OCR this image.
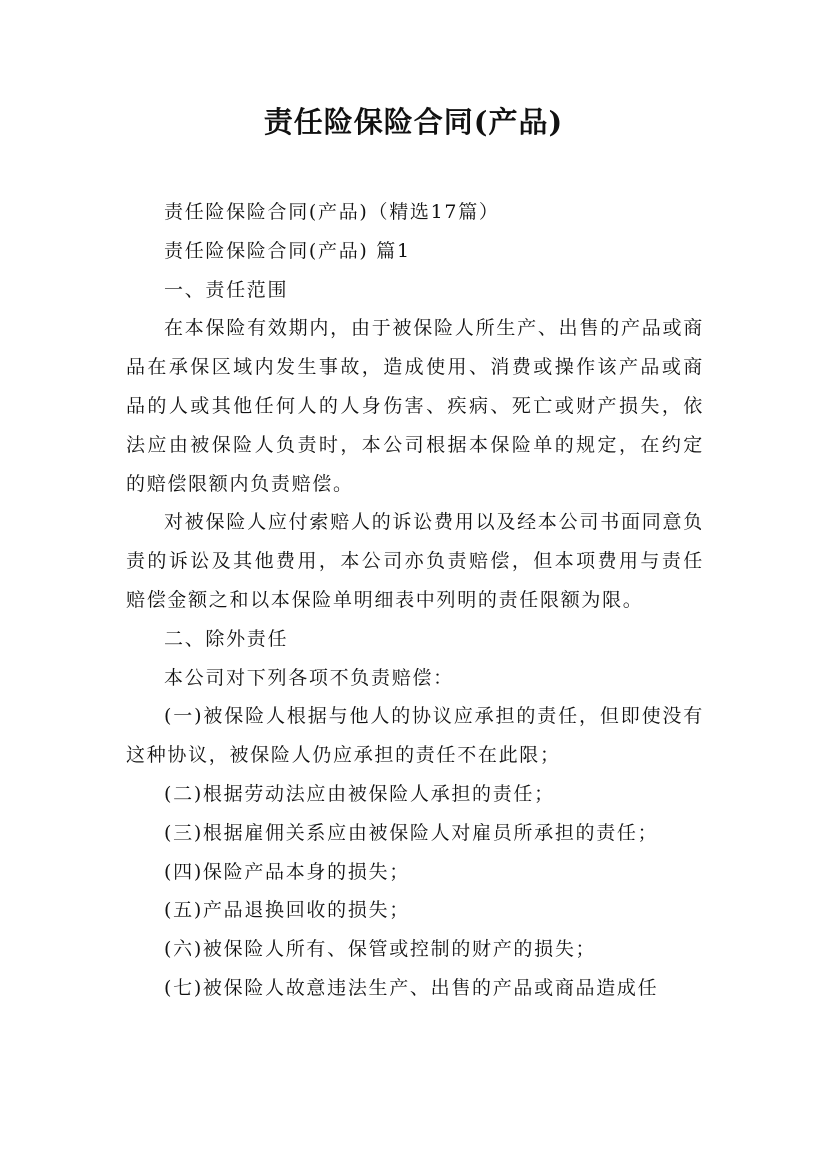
责任险保险合同(产品)

责任险保险合同(产品)（精选17篇）

责任险保险合同(产品) 篇1

一、责任范围

在本保险有效期内，由于被保险人所生产、出售的产品或商品在承保区域内发生事故，造成使用、消费或操作该产品或商品的人或其他任何人的人身伤害、疾病、死亡或财产损失，依法应由被保险人负责时，本公司根据本保险单的规定，在约定的赔偿限额内负责赔偿。

对被保险人应付索赔人的诉讼费用以及经本公司书面同意负责的诉讼及其他费用，本公司亦负责赔偿，但本项费用与责任赔偿金额之和以本保险单明细表中列明的责任限额为限。

二、除外责任

本公司对下列各项不负责赔偿：

(一)被保险人根据与他人的协议应承担的责任，但即使没有这种协议，被保险人仍应承担的责任不在此限；

(二)根据劳动法应由被保险人承担的责任；

(三)根据雇佣关系应由被保险人对雇员所承担的责任；

(四)保险产品本身的损失；

(五)产品退换回收的损失；

(六)被保险人所有、保管或控制的财产的损失；

(七)被保险人故意违法生产、出售的产品或商品造成任
